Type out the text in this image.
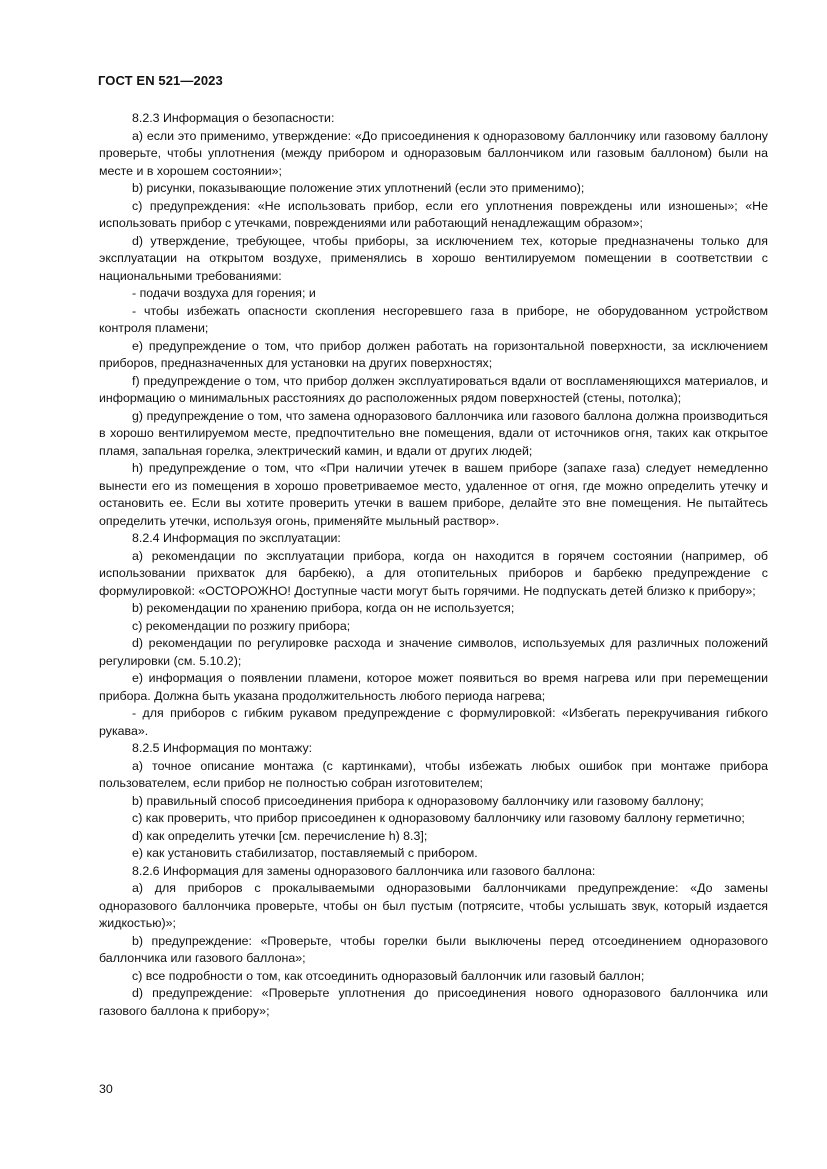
ГОСТ EN 521—2023

8.2.3 Информация о безопасности:

a) если это применимо, утверждение: «До присоединения к одноразовому баллончику или газовому баллону проверьте, чтобы уплотнения (между прибором и одноразовым баллончиком или газовым баллоном) были на месте и в хорошем состоянии»;

b) рисунки, показывающие положение этих уплотнений (если это применимо);

c) предупреждения: «Не использовать прибор, если его уплотнения повреждены или изношены»; «Не использовать прибор с утечками, повреждениями или работающий ненадлежащим образом»;

d) утверждение, требующее, чтобы приборы, за исключением тех, которые предназначены только для эксплуатации на открытом воздухе, применялись в хорошо вентилируемом помещении в соответствии с национальными требованиями:

- подачи воздуха для горения; и

- чтобы избежать опасности скопления несгоревшего газа в приборе, не оборудованном устройством контроля пламени;

e) предупреждение о том, что прибор должен работать на горизонтальной поверхности, за исключением приборов, предназначенных для установки на других поверхностях;

f) предупреждение о том, что прибор должен эксплуатироваться вдали от воспламеняющихся материалов, и информацию о минимальных расстояниях до расположенных рядом поверхностей (стены, потолка);

g) предупреждение о том, что замена одноразового баллончика или газового баллона должна производиться в хорошо вентилируемом месте, предпочтительно вне помещения, вдали от источников огня, таких как открытое пламя, запальная горелка, электрический камин, и вдали от других людей;

h) предупреждение о том, что «При наличии утечек в вашем приборе (запахе газа) следует немедленно вынести его из помещения в хорошо проветриваемое место, удаленное от огня, где можно определить утечку и остановить ее. Если вы хотите проверить утечки в вашем приборе, делайте это вне помещения. Не пытайтесь определить утечки, используя огонь, применяйте мыльный раствор».

8.2.4 Информация по эксплуатации:

a) рекомендации по эксплуатации прибора, когда он находится в горячем состоянии (например, об использовании прихваток для барбекю), а для отопительных приборов и барбекю предупреждение с формулировкой: «ОСТОРОЖНО! Доступные части могут быть горячими. Не подпускать детей близко к прибору»;

b) рекомендации по хранению прибора, когда он не используется;

c) рекомендации по розжигу прибора;

d) рекомендации по регулировке расхода и значение символов, используемых для различных положений регулировки (см. 5.10.2);

e) информация о появлении пламени, которое может появиться во время нагрева или при перемещении прибора. Должна быть указана продолжительность любого периода нагрева;

- для приборов с гибким рукавом предупреждение с формулировкой: «Избегать перекручивания гибкого рукава».

8.2.5 Информация по монтажу:

a) точное описание монтажа (с картинками), чтобы избежать любых ошибок при монтаже прибора пользователем, если прибор не полностью собран изготовителем;

b) правильный способ присоединения прибора к одноразовому баллончику или газовому баллону;

c) как проверить, что прибор присоединен к одноразовому баллончику или газовому баллону герметично;

d) как определить утечки [см. перечисление h) 8.3];

e) как установить стабилизатор, поставляемый с прибором.

8.2.6 Информация для замены одноразового баллончика или газового баллона:

a) для приборов с прокалываемыми одноразовыми баллончиками предупреждение: «До замены одноразового баллончика проверьте, чтобы он был пустым (потрясите, чтобы услышать звук, который издается жидкостью)»;

b) предупреждение: «Проверьте, чтобы горелки были выключены перед отсоединением одноразового баллончика или газового баллона»;

c) все подробности о том, как отсоединить одноразовый баллончик или газовый баллон;

d) предупреждение: «Проверьте уплотнения до присоединения нового одноразового баллончика или газового баллона к прибору»;

30
